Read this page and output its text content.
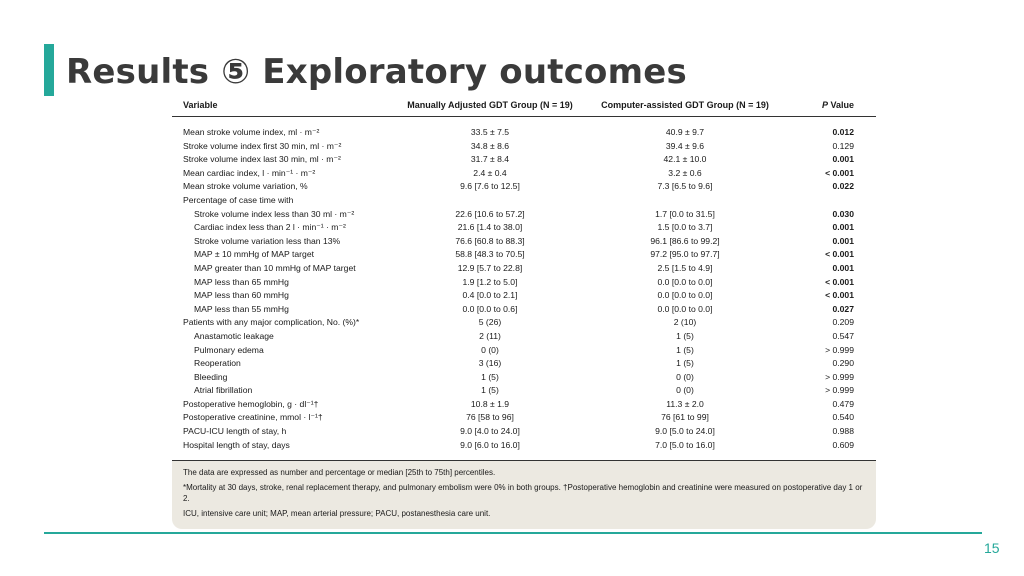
Results ⑤ Exploratory outcomes
Variable	Manually Adjusted GDT Group (N = 19)	Computer-assisted GDT Group (N = 19)	P Value

Mean stroke volume index, ml · m⁻²	33.5 ± 7.5	40.9 ± 9.7	0.012
Stroke volume index first 30 min, ml · m⁻²	34.8 ± 8.6	39.4 ± 9.6	0.129
Stroke volume index last 30 min, ml · m⁻²	31.7 ± 8.4	42.1 ± 10.0	0.001
Mean cardiac index, l · min⁻¹ · m⁻²	2.4 ± 0.4	3.2 ± 0.6	< 0.001
Mean stroke volume variation, %	9.6 [7.6 to 12.5]	7.3 [6.5 to 9.6]	0.022
Percentage of case time with			
Stroke volume index less than 30 ml · m⁻²	22.6 [10.6 to 57.2]	1.7 [0.0 to 31.5]	0.030
Cardiac index less than 2 l · min⁻¹ · m⁻²	21.6 [1.4 to 38.0]	1.5 [0.0 to 3.7]	0.001
Stroke volume variation less than 13%	76.6 [60.8 to 88.3]	96.1 [86.6 to 99.2]	0.001
MAP ± 10 mmHg of MAP target	58.8 [48.3 to 70.5]	97.2 [95.0 to 97.7]	< 0.001
MAP greater than 10 mmHg of MAP target	12.9 [5.7 to 22.8]	2.5 [1.5 to 4.9]	0.001
MAP less than 65 mmHg	1.9 [1.2 to 5.0]	0.0 [0.0 to 0.0]	< 0.001
MAP less than 60 mmHg	0.4 [0.0 to 2.1]	0.0 [0.0 to 0.0]	< 0.001
MAP less than 55 mmHg	0.0 [0.0 to 0.6]	0.0 [0.0 to 0.0]	0.027
Patients with any major complication, No. (%)*	5 (26)	2 (10)	0.209
Anastamotic leakage	2 (11)	1 (5)	0.547
Pulmonary edema	0 (0)	1 (5)	> 0.999
Reoperation	3 (16)	1 (5)	0.290
Bleeding	1 (5)	0 (0)	> 0.999
Atrial fibrillation	1 (5)	0 (0)	> 0.999
Postoperative hemoglobin, g · dl⁻¹†	10.8 ± 1.9	11.3 ± 2.0	0.479
Postoperative creatinine, mmol · l⁻¹†	76 [58 to 96]	76 [61 to 99]	0.540
PACU-ICU length of stay, h	9.0 [4.0 to 24.0]	9.0 [5.0 to 24.0]	0.988
Hospital length of stay, days	9.0 [6.0 to 16.0]	7.0 [5.0 to 16.0]	0.609

The data are expressed as number and percentage or median [25th to 75th] percentiles.

*Mortality at 30 days, stroke, renal replacement therapy, and pulmonary embolism were 0% in both groups. †Postoperative hemoglobin and creatinine were measured on postoperative day 1 or 2.

ICU, intensive care unit; MAP, mean arterial pressure; PACU, postanesthesia care unit.

15
